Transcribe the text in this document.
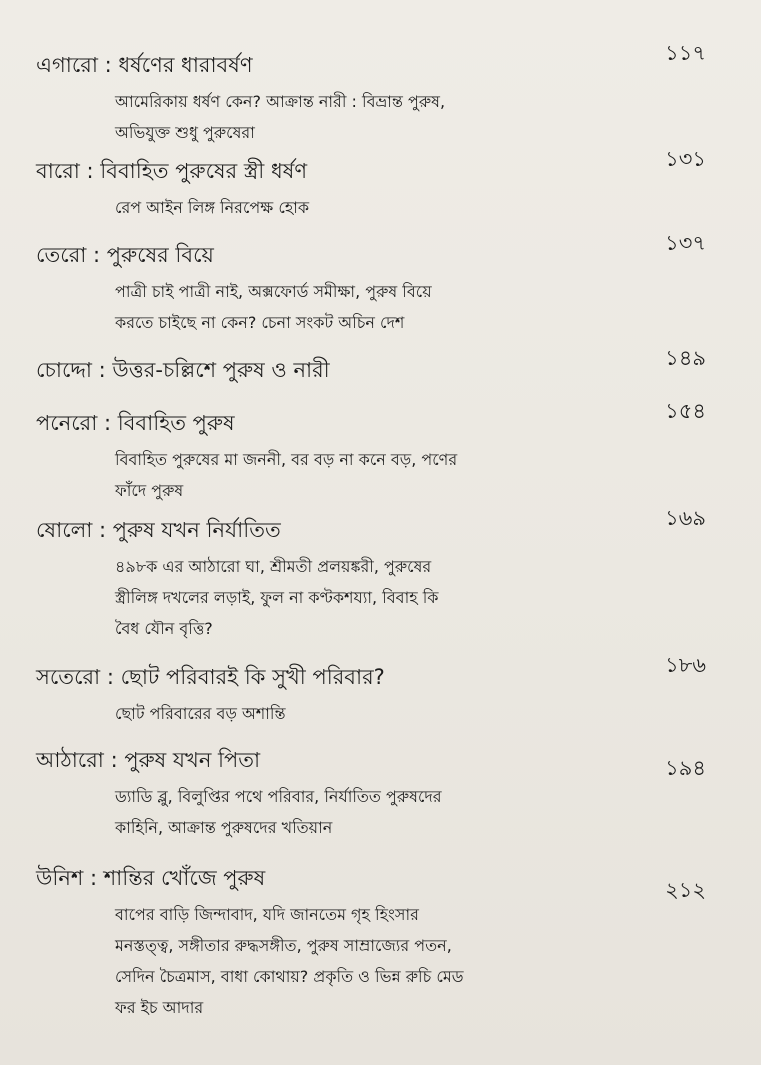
এগারো : ধর্ষণের ধারাবর্ষণ	১১৭
আমেরিকায় ধর্ষণ কেন? আক্রান্ত নারী : বিভ্রান্ত পুরুষ,
অভিযুক্ত শুধু পুরুষেরা
বারো : বিবাহিত পুরুষের স্ত্রী ধর্ষণ	১৩১
রেপ আইন লিঙ্গ নিরপেক্ষ হোক
তেরো : পুরুষের বিয়ে	১৩৭
পাত্রী চাই পাত্রী নাই, অক্সফোর্ড সমীক্ষা, পুরুষ বিয়ে
করতে চাইছে না কেন? চেনা সংকট অচিন দেশ
চোদ্দো : উত্তর-চল্লিশে পুরুষ ও নারী	১৪৯
পনেরো : বিবাহিত পুরুষ	১৫৪
বিবাহিত পুরুষের মা জননী, বর বড় না কনে বড়, পণের
ফাঁদে পুরুষ
ষোলো : পুরুষ যখন নির্যাতিত	১৬৯
৪৯৮ক এর আঠারো ঘা, শ্রীমতী প্রলয়ঙ্করী, পুরুষের
স্ত্রীলিঙ্গ দখলের লড়াই, ফুল না কণ্টকশয্যা, বিবাহ কি
বৈধ যৌন বৃত্তি?
সতেরো : ছোট পরিবারই কি সুখী পরিবার?	১৮৬
ছোট পরিবারের বড় অশান্তি
আঠারো : পুরুষ যখন পিতা	১৯৪
ড্যাডি ব্লু, বিলুপ্তির পথে পরিবার, নির্যাতিত পুরুষদের
কাহিনি, আক্রান্ত পুরুষদের খতিয়ান
উনিশ : শান্তির খোঁজে পুরুষ	২১২
বাপের বাড়ি জিন্দাবাদ, যদি জানতেম গৃহ হিংসার
মনস্তত্ত্ব, সঙ্গীতার রুদ্ধসঙ্গীত, পুরুষ সাম্রাজ্যের পতন,
সেদিন চৈত্রমাস, বাধা কোথায়? প্রকৃতি ও ভিন্ন রুচি মেড
ফর ইচ আদার
